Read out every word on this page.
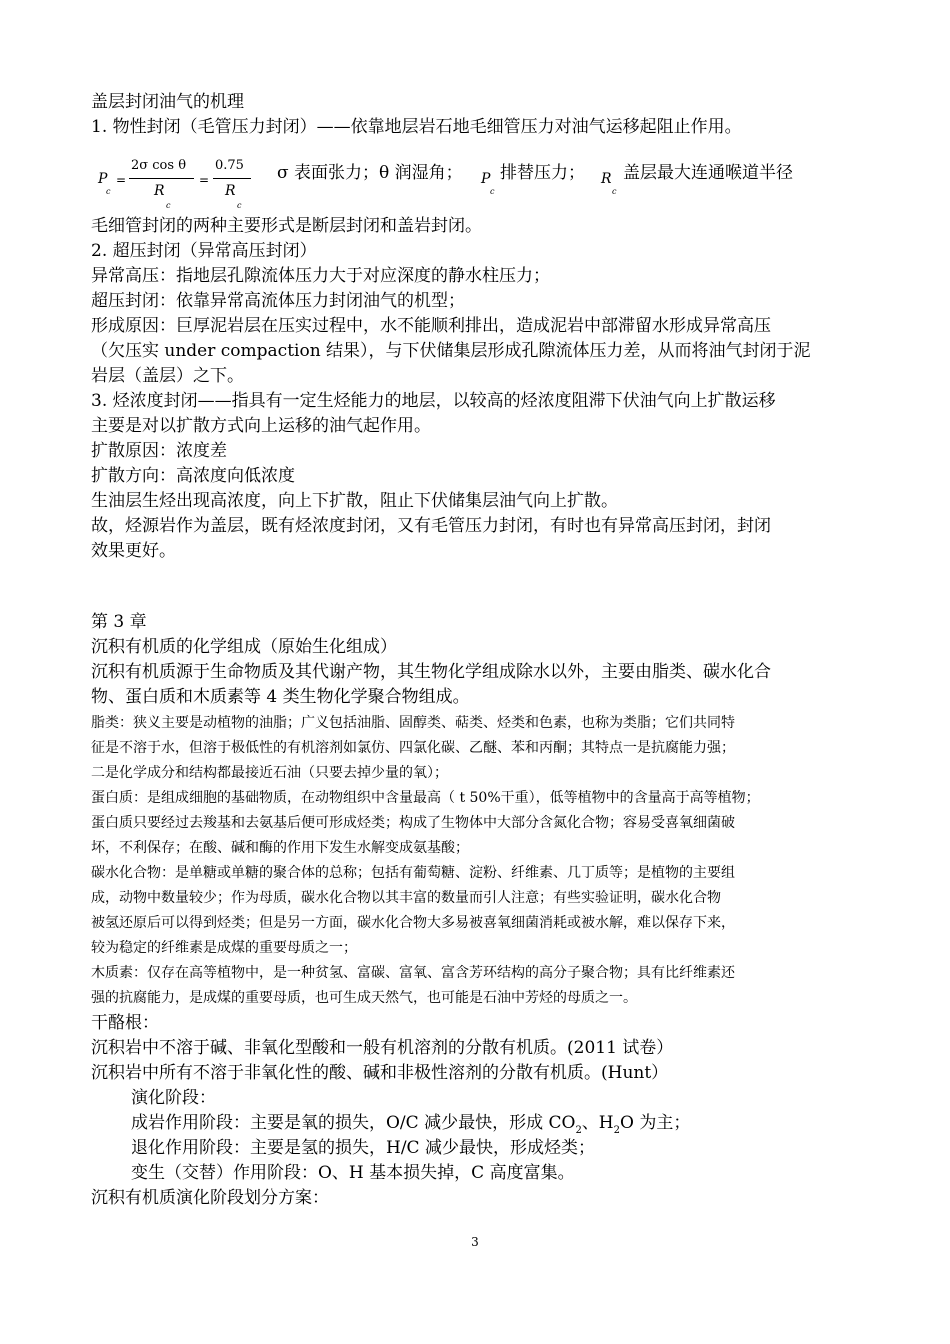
盖层封闭油气的机理
1. 物性封闭（毛管压力封闭）——依靠地层岩石地毛细管压力对油气运移起阻止作用。
P
c
=
2σ cos θ
R
c
=
0.75
R
c
σ 表面张力；θ 润湿角； P
c
排替压力； R
c
盖层最大连通喉道半径
毛细管封闭的两种主要形式是断层封闭和盖岩封闭。
2. 超压封闭（异常高压封闭）
异常高压：指地层孔隙流体压力大于对应深度的静水柱压力；
超压封闭：依靠异常高流体压力封闭油气的机型；
形成原因：巨厚泥岩层在压实过程中，水不能顺利排出，造成泥岩中部滞留水形成异常高压
（欠压实 under compaction 结果），与下伏储集层形成孔隙流体压力差，从而将油气封闭于泥
岩层（盖层）之下。
3. 烃浓度封闭——指具有一定生烃能力的地层，以较高的烃浓度阻滞下伏油气向上扩散运移
主要是对以扩散方式向上运移的油气起作用。
扩散原因：浓度差
扩散方向：高浓度向低浓度
生油层生烃出现高浓度，向上下扩散，阻止下伏储集层油气向上扩散。
故，烃源岩作为盖层，既有烃浓度封闭，又有毛管压力封闭，有时也有异常高压封闭，封闭
效果更好。
第 3 章
沉积有机质的化学组成（原始生化组成）
沉积有机质源于生命物质及其代谢产物，其生物化学组成除水以外，主要由脂类、碳水化合
物、蛋白质和木质素等 4 类生物化学聚合物组成。
脂类：狭义主要是动植物的油脂；广义包括油脂、固醇类、萜类、烃类和色素，也称为类脂；它们共同特
征是不溶于水，但溶于极低性的有机溶剂如氯仿、四氯化碳、乙醚、苯和丙酮；其特点一是抗腐能力强；
二是化学成分和结构都最接近石油（只要去掉少量的氧）；
蛋白质：是组成细胞的基础物质，在动物组织中含量最高（ t 50%干重），低等植物中的含量高于高等植物；
蛋白质只要经过去羧基和去氨基后便可形成烃类；构成了生物体中大部分含氮化合物；容易受喜氧细菌破
坏，不利保存；在酸、碱和酶的作用下发生水解变成氨基酸；
碳水化合物：是单糖或单糖的聚合体的总称；包括有葡萄糖、淀粉、纤维素、几丁质等；是植物的主要组
成，动物中数量较少；作为母质，碳水化合物以其丰富的数量而引人注意；有些实验证明，碳水化合物
被氢还原后可以得到烃类；但是另一方面，碳水化合物大多易被喜氧细菌消耗或被水解，难以保存下来，
较为稳定的纤维素是成煤的重要母质之一；
木质素：仅存在高等植物中，是一种贫氢、富碳、富氧、富含芳环结构的高分子聚合物；具有比纤维素还
强的抗腐能力，是成煤的重要母质，也可生成天然气，也可能是石油中芳烃的母质之一。
干酪根：
沉积岩中不溶于碱、非氧化型酸和一般有机溶剂的分散有机质。(2011 试卷）
沉积岩中所有不溶于非氧化性的酸、碱和非极性溶剂的分散有机质。(Hunt）
演化阶段：
成岩作用阶段：主要是氧的损失，O/C 减少最快，形成 $CO_2$、$H_2O$ 为主；
退化作用阶段：主要是氢的损失，H/C 减少最快，形成烃类；
变生（交替）作用阶段：O、H 基本损失掉，C 高度富集。
沉积有机质演化阶段划分方案：
3
